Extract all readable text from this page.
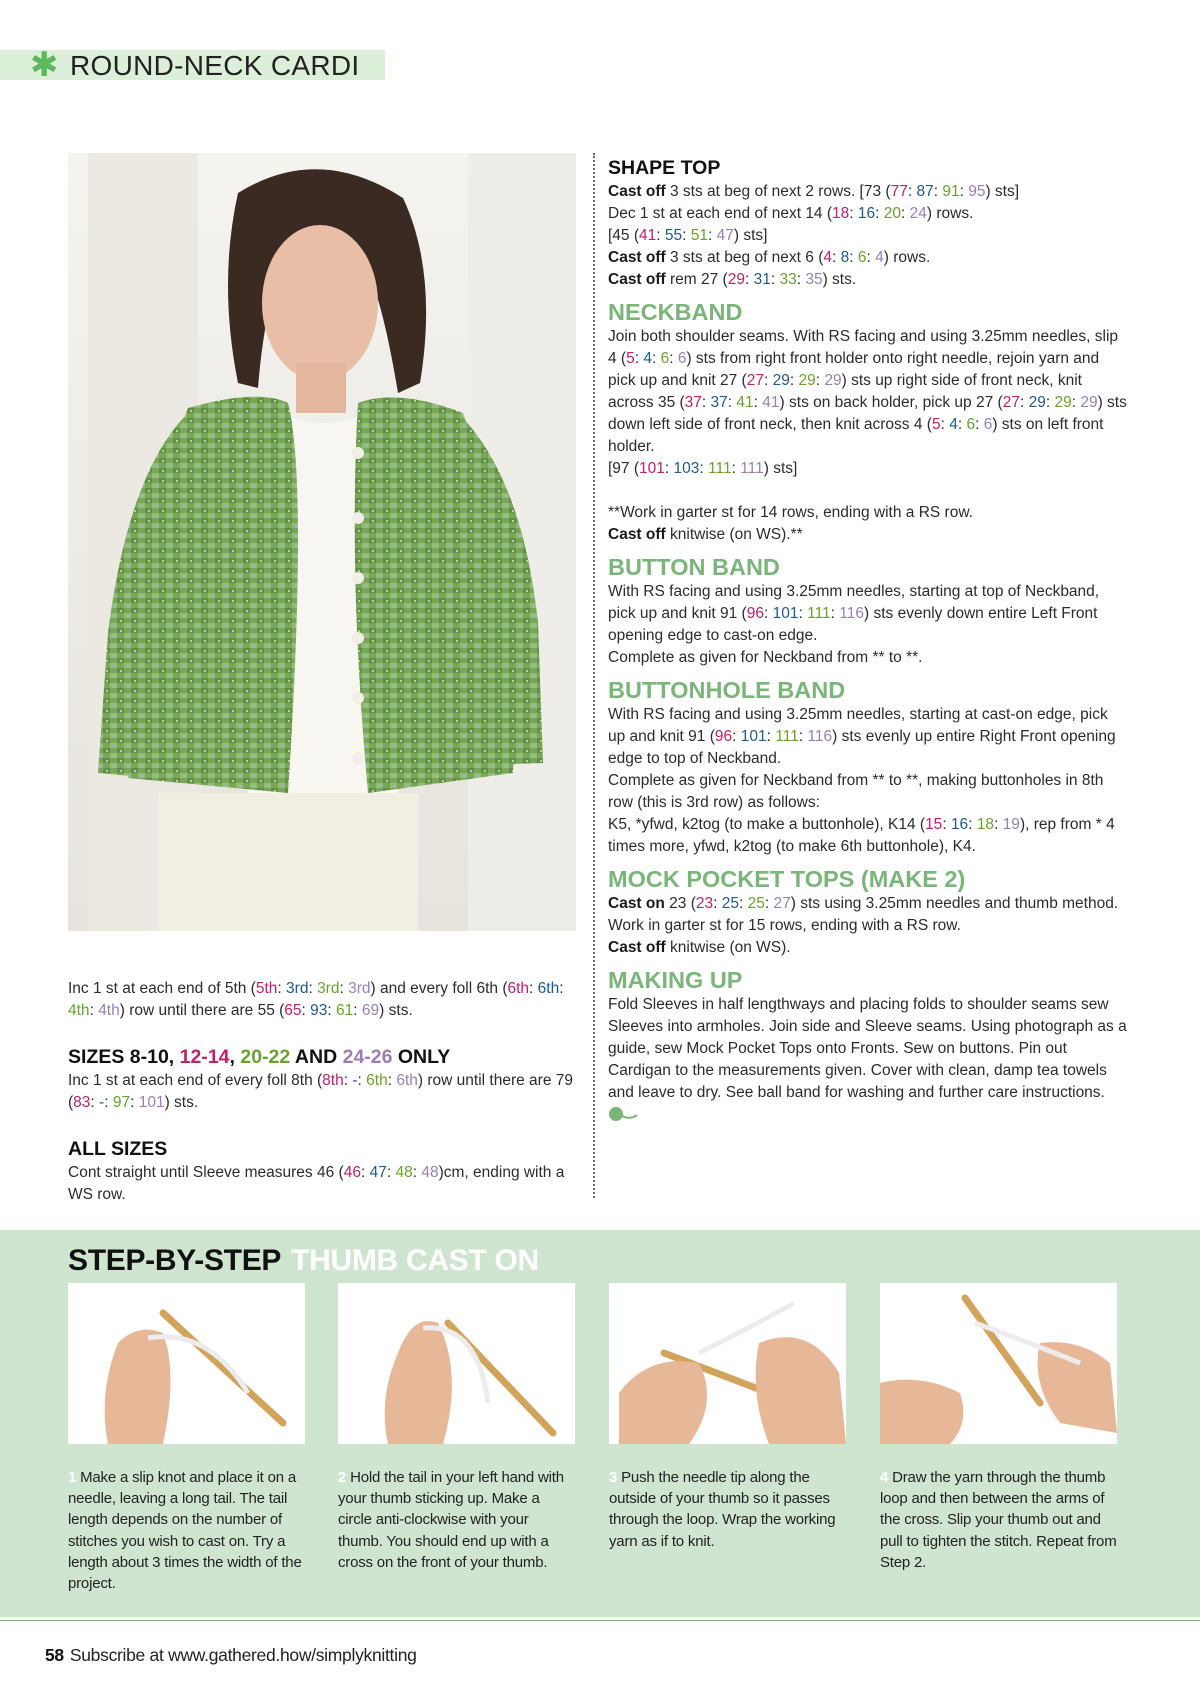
✱ ROUND-NECK CARDI

Inc 1 st at each end of 5th (5th: 3rd: 3rd: 3rd) and every foll 6th (6th: 6th: 4th: 4th) row until there are 55 (65: 93: 61: 69) sts.

SIZES 8-10, 12-14, 20-22 AND 24-26 ONLY

Inc 1 st at each end of every foll 8th (8th: -: 6th: 6th) row until there are 79 (83: -: 97: 101) sts.

ALL SIZES

Cont straight until Sleeve measures 46 (46: 47: 48: 48)cm, ending with a WS row.

SHAPE TOP

Cast off 3 sts at beg of next 2 rows. [73 (77: 87: 91: 95) sts]

Dec 1 st at each end of next 14 (18: 16: 20: 24) rows.

[45 (41: 55: 51: 47) sts]

Cast off 3 sts at beg of next 6 (4: 8: 6: 4) rows.

Cast off rem 27 (29: 31: 33: 35) sts.

NECKBAND

Join both shoulder seams. With RS facing and using 3.25mm needles, slip 4 (5: 4: 6: 6) sts from right front holder onto right needle, rejoin yarn and pick up and knit 27 (27: 29: 29: 29) sts up right side of front neck, knit across 35 (37: 37: 41: 41) sts on back holder, pick up 27 (27: 29: 29: 29) sts down left side of front neck, then knit across 4 (5: 4: 6: 6) sts on left front holder.

[97 (101: 103: 111: 111) sts]

**Work in garter st for 14 rows, ending with a RS row.

Cast off knitwise (on WS).**

BUTTON BAND

With RS facing and using 3.25mm needles, starting at top of Neckband, pick up and knit 91 (96: 101: 111: 116) sts evenly down entire Left Front opening edge to cast-on edge.

Complete as given for Neckband from ** to **.

BUTTONHOLE BAND

With RS facing and using 3.25mm needles, starting at cast-on edge, pick up and knit 91 (96: 101: 111: 116) sts evenly up entire Right Front opening edge to top of Neckband.

Complete as given for Neckband from ** to **, making buttonholes in 8th row (this is 3rd row) as follows:

K5, *yfwd, k2tog (to make a buttonhole), K14 (15: 16: 18: 19), rep from * 4 times more, yfwd, k2tog (to make 6th buttonhole), K4.

MOCK POCKET TOPS (MAKE 2)

Cast on 23 (23: 25: 25: 27) sts using 3.25mm needles and thumb method.

Work in garter st for 15 rows, ending with a RS row.

Cast off knitwise (on WS).

MAKING UP

Fold Sleeves in half lengthways and placing folds to shoulder seams sew Sleeves into armholes. Join side and Sleeve seams. Using photograph as a guide, sew Mock Pocket Tops onto Fronts. Sew on buttons. Pin out Cardigan to the measurements given. Cover with clean, damp tea towels and leave to dry. See ball band for washing and further care instructions.

STEP-BY-STEP THUMB CAST ON
1 Make a slip knot and place it on a needle, leaving a long tail. The tail length depends on the number of stitches you wish to cast on. Try a length about 3 times the width of the project.
2 Hold the tail in your left hand with your thumb sticking up. Make a circle anti-clockwise with your thumb. You should end up with a cross on the front of your thumb.
3 Push the needle tip along the outside of your thumb so it passes through the loop. Wrap the working yarn as if to knit.
4 Draw the yarn through the thumb loop and then between the arms of the cross. Slip your thumb out and pull to tighten the stitch. Repeat from Step 2.
58 Subscribe at www.gathered.how/simplyknitting
